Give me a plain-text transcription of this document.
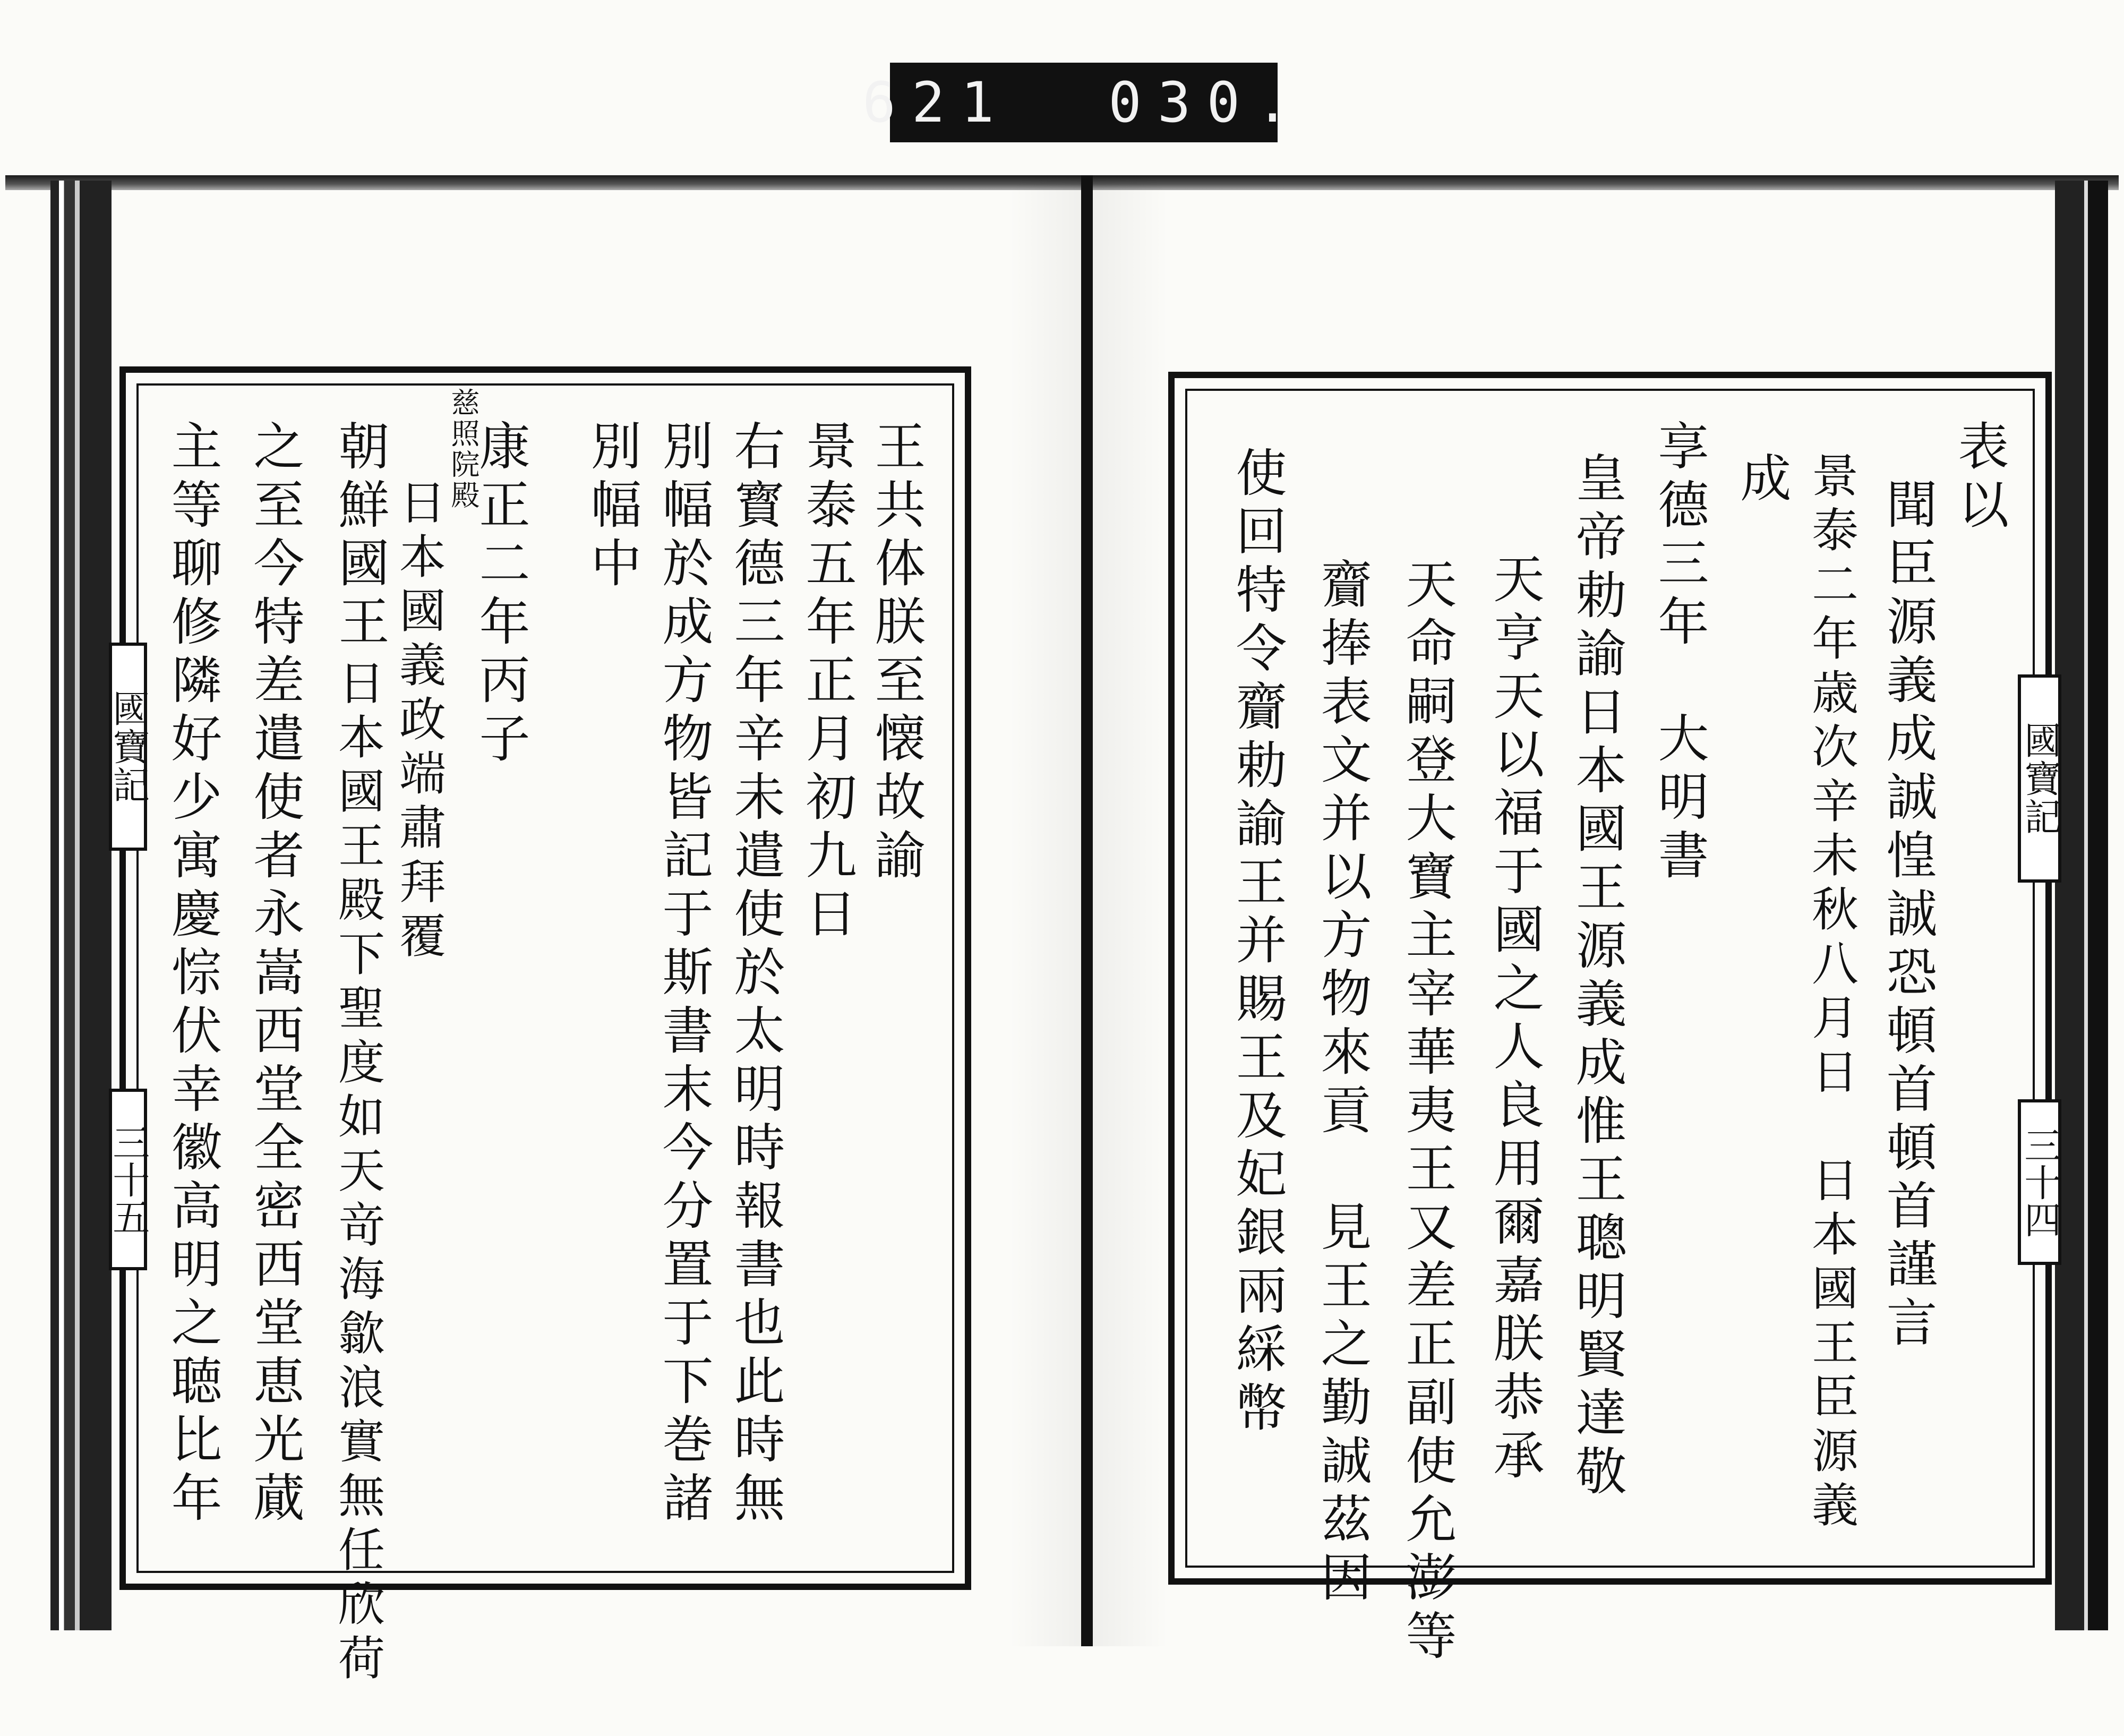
621  030.
國寶記
三十五
王共体朕至懐故諭
景泰五年正月初九日
右寳德三年辛未遣使於太明時報書也此時無
別幅於成方物皆記于斯書末今分置于下巻諸
別幅中
康正二年丙子
慈照院殿
日本國義政端肅拜覆
朝鮮國王
日本國王殿下聖度如天竒海歙浪實無任欣荷
之至今特差遣使者永嵩西堂全密西堂恵光蕆
主等聊修隣好少寓慶悰伏幸徽高明之聴比年	國寶記
三十四
表以
聞臣源義成誠惶誠恐頓首頓首謹言
景泰二年歳次辛未秋八月日　日本國王臣源義
成
享德三年　大明書
皇帝勅諭日本國王源義成惟王聰明賢達敬
天亨天以福于國之人良用爾嘉朕恭承
天命嗣登大寶主宰華夷王又差正副使允澎等
齎捧表文并以方物來貢　見王之勤誠茲因
使回特令齎勅諭王并賜王及妃銀兩綵幣
